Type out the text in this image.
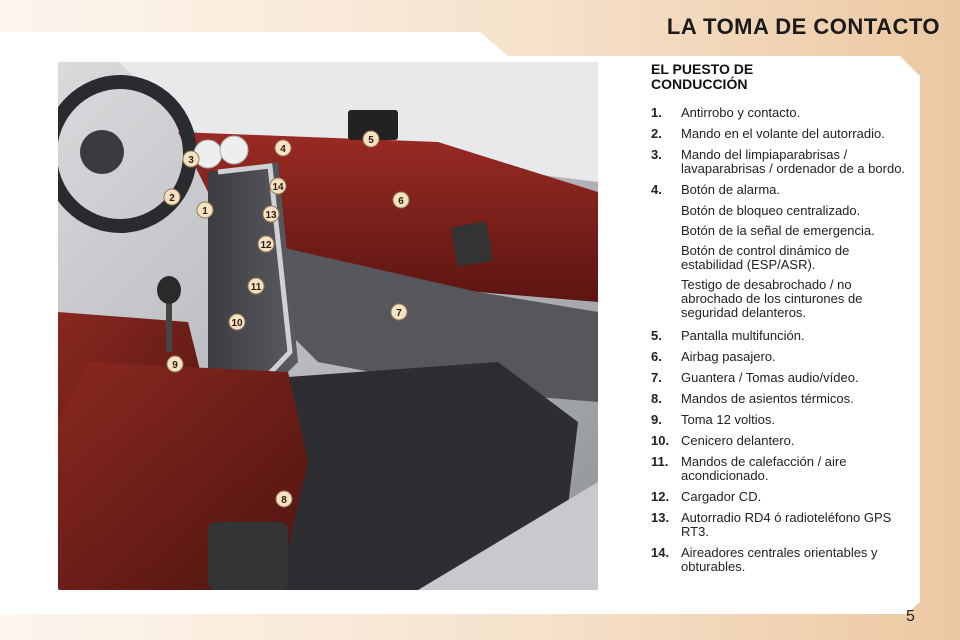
LA TOMA DE CONTACTO
1
2
3
4
5
6
7
8
9
10
11
12
13
14
EL PUESTO DE CONDUCCIÓN
1.	Antirrobo y contacto.
2.	Mando en el volante del autorradio.
3.	Mando del limpiaparabrisas / lavaparabrisas / ordenador de a bordo.
4.	Botón de alarma.
Botón de bloqueo centralizado.
Botón de la señal de emergencia.
Botón de control dinámico de estabilidad (ESP/ASR).
Testigo de desabrochado / no abrochado de los cinturones de seguridad delanteros.
5.	Pantalla multifunción.
6.	Airbag pasajero.
7.	Guantera / Tomas audio/vídeo.
8.	Mandos de asientos térmicos.
9.	Toma 12 voltios.
10. Cenicero delantero.
11. Mandos de calefacción / aire acondicionado.
12. Cargador CD.
13. Autorradio RD4 ó radioteléfono GPS RT3.
14. Aireadores centrales orientables y obturables.
5
